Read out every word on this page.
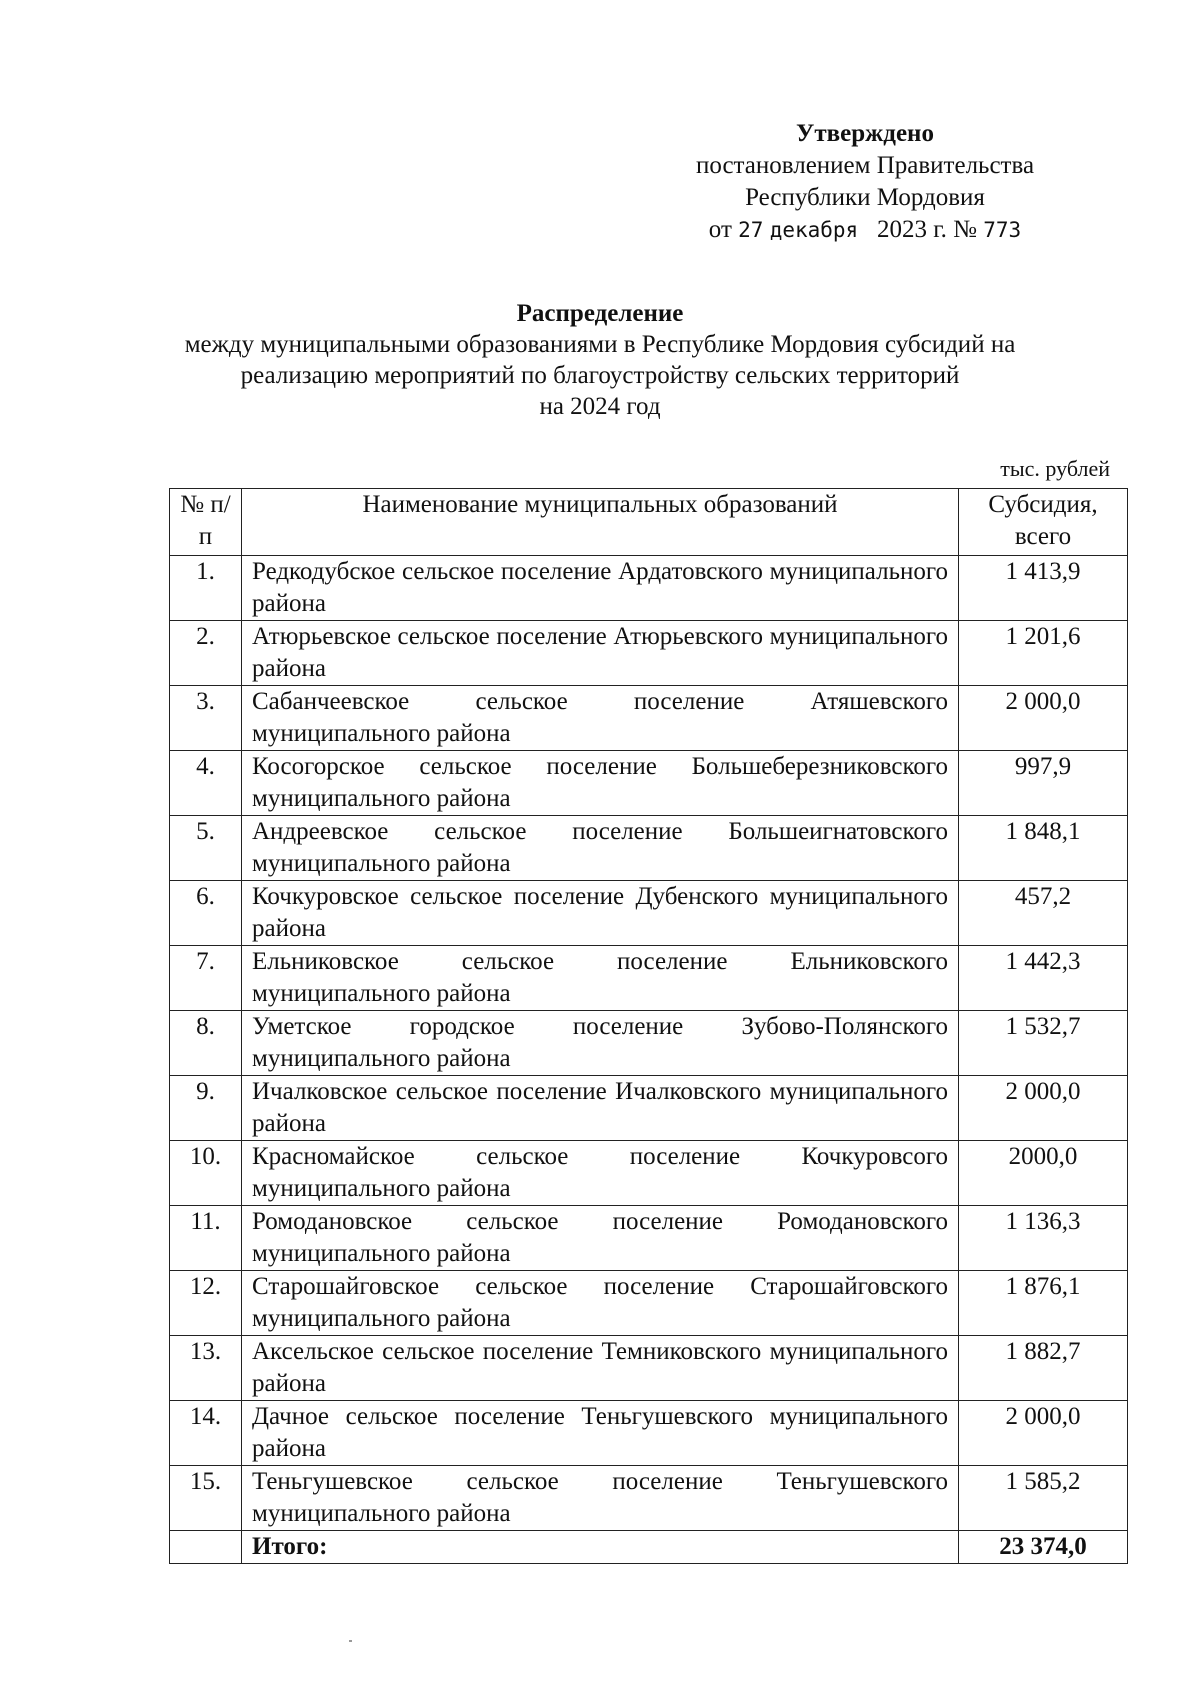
Утверждено
постановлением Правительства
Республики Мордовия
от 27 декабря 2023 г. № 773
Распределение
между муниципальными образованиями в Республике Мордовия субсидий на
реализацию мероприятий по благоустройству сельских территорий
на 2024 год
тыс. рублей
№ п/п	Наименование муниципальных образований	Субсидия, всего
1.	Редкодубское сельское поселение Ардатовского муниципального района	1 413,9
2.	Атюрьевское сельское поселение Атюрьевского муниципального района	1 201,6
3.	Сабанчеевское сельское поселение Атяшевского муниципального района	2 000,0
4.	Косогорское сельское поселение Большеберезниковского муниципального района	997,9
5.	Андреевское сельское поселение Большеигнатовского муниципального района	1 848,1
6.	Кочкуровское сельское поселение Дубенского муниципального района	457,2
7.	Ельниковское сельское поселение Ельниковского муниципального района	1 442,3
8.	Уметское городское поселение Зубово-Полянского муниципального района	1 532,7
9.	Ичалковское сельское поселение Ичалковского муниципального района	2 000,0
10.	Красномайское сельское поселение Кочкуровсого муниципального района	2000,0
11.	Ромодановское сельское поселение Ромодановского муниципального района	1 136,3
12.	Старошайговское сельское поселение Старошайговского муниципального района	1 876,1
13.	Аксельское сельское поселение Темниковского муниципального района	1 882,7
14.	Дачное сельское поселение Теньгушевского муниципального района	2 000,0
15.	Теньгушевское сельское поселение Теньгушевского муниципального района	1 585,2
	Итого:	23 374,0
